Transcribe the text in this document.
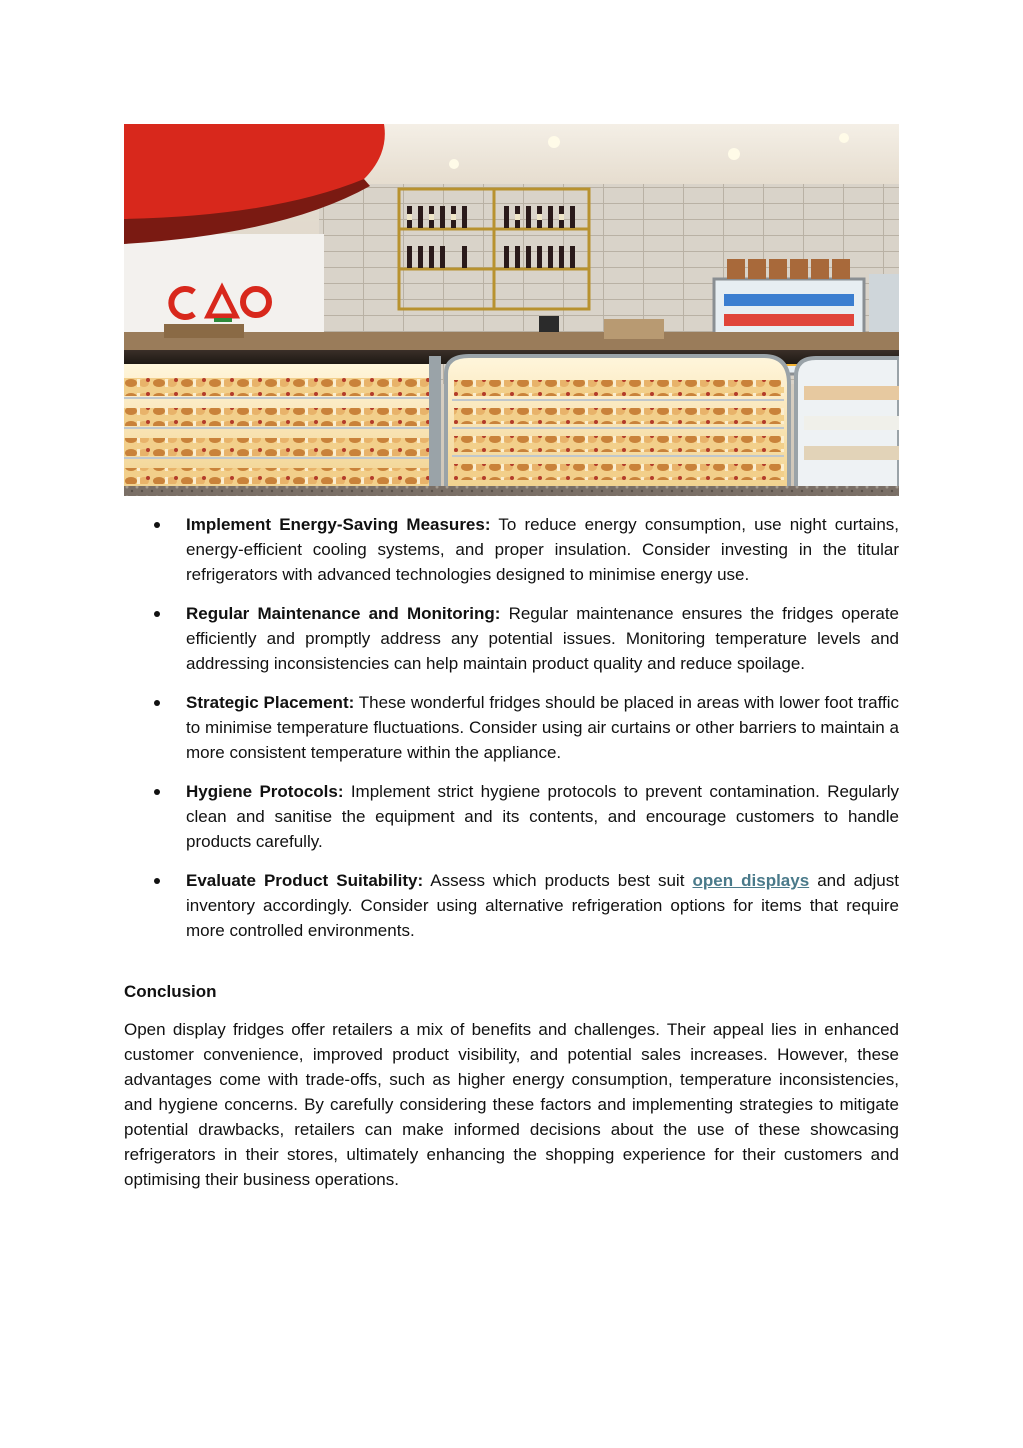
Implement Energy-Saving Measures: To reduce energy consumption, use night curtains, energy-efficient cooling systems, and proper insulation. Consider investing in the titular refrigerators with advanced technologies designed to minimise energy use.
Regular Maintenance and Monitoring: Regular maintenance ensures the fridges operate efficiently and promptly address any potential issues. Monitoring temperature levels and addressing inconsistencies can help maintain product quality and reduce spoilage.
Strategic Placement: These wonderful fridges should be placed in areas with lower foot traffic to minimise temperature fluctuations. Consider using air curtains or other barriers to maintain a more consistent temperature within the appliance.
Hygiene Protocols: Implement strict hygiene protocols to prevent contamination. Regularly clean and sanitise the equipment and its contents, and encourage customers to handle products carefully.
Evaluate Product Suitability: Assess which products best suit open displays and adjust inventory accordingly. Consider using alternative refrigeration options for items that require more controlled environments.
Conclusion

Open display fridges offer retailers a mix of benefits and challenges. Their appeal lies in enhanced customer convenience, improved product visibility, and potential sales increases. However, these advantages come with trade-offs, such as higher energy consumption, temperature inconsistencies, and hygiene concerns. By carefully considering these factors and implementing strategies to mitigate potential drawbacks, retailers can make informed decisions about the use of these showcasing refrigerators in their stores, ultimately enhancing the shopping experience for their customers and optimising their business operations.
